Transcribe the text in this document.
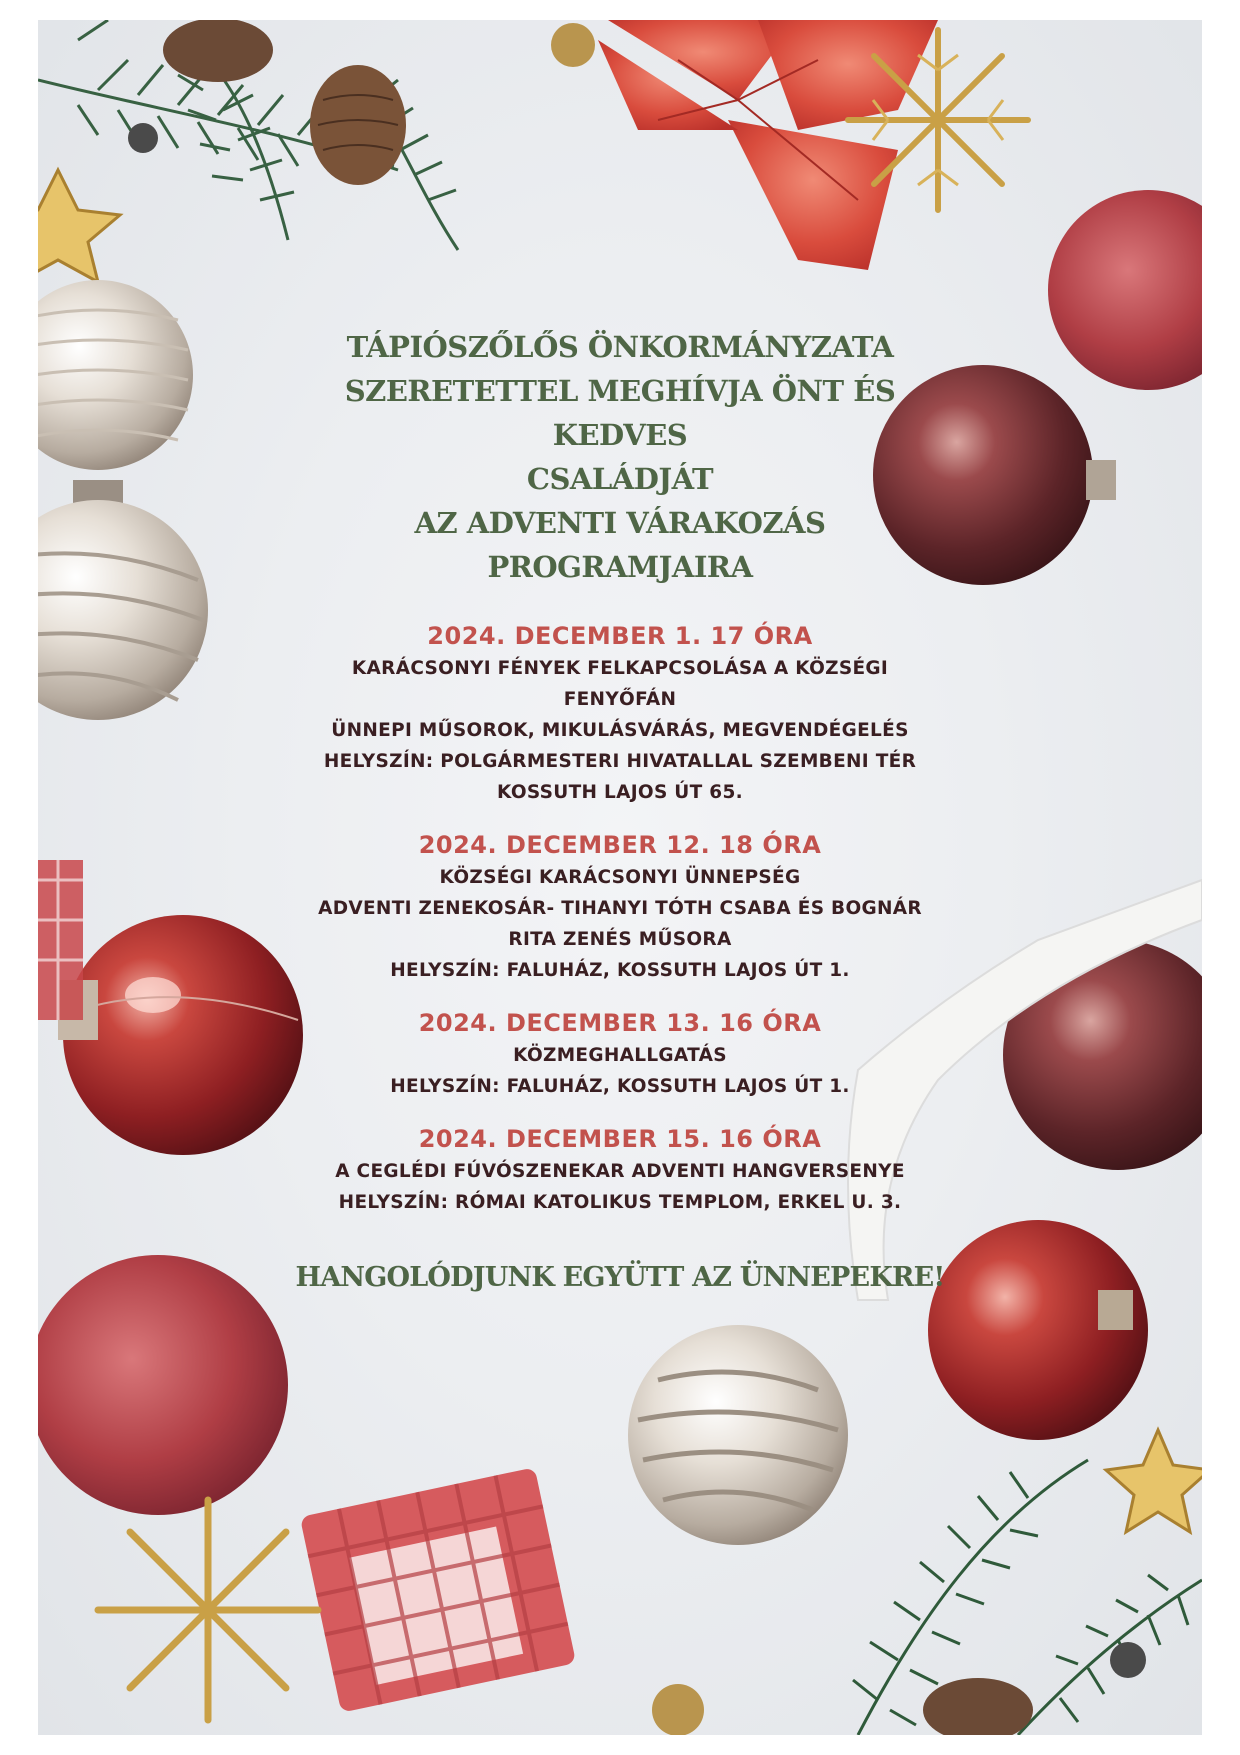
TÁPIÓSZŐLŐS ÖNKORMÁNYZATA

SZERETETTEL MEGHÍVJA ÖNT ÉS KEDVES

CSALÁDJÁT

AZ ADVENTI VÁRAKOZÁS PROGRAMJAIRA

2024. DECEMBER 1. 17 ÓRA

KARÁCSONYI FÉNYEK FELKAPCSOLÁSA A KÖZSÉGI

FENYŐFÁN

ÜNNEPI MŰSOROK, MIKULÁSVÁRÁS, MEGVENDÉGELÉS

HELYSZÍN: POLGÁRMESTERI HIVATALLAL SZEMBENI TÉR

KOSSUTH LAJOS ÚT 65.

2024. DECEMBER 12. 18 ÓRA

KÖZSÉGI KARÁCSONYI ÜNNEPSÉG

ADVENTI ZENEKOSÁR- TIHANYI TÓTH CSABA ÉS BOGNÁR

RITA ZENÉS MŰSORA

HELYSZÍN: FALUHÁZ, KOSSUTH LAJOS ÚT 1.

2024. DECEMBER 13. 16 ÓRA

KÖZMEGHALLGATÁS

HELYSZÍN: FALUHÁZ, KOSSUTH LAJOS ÚT 1.

2024. DECEMBER 15. 16 ÓRA

A CEGLÉDI FÚVÓSZENEKAR ADVENTI HANGVERSENYE

HELYSZÍN: RÓMAI KATOLIKUS TEMPLOM, ERKEL U. 3.

HANGOLÓDJUNK EGYÜTT AZ ÜNNEPEKRE!
